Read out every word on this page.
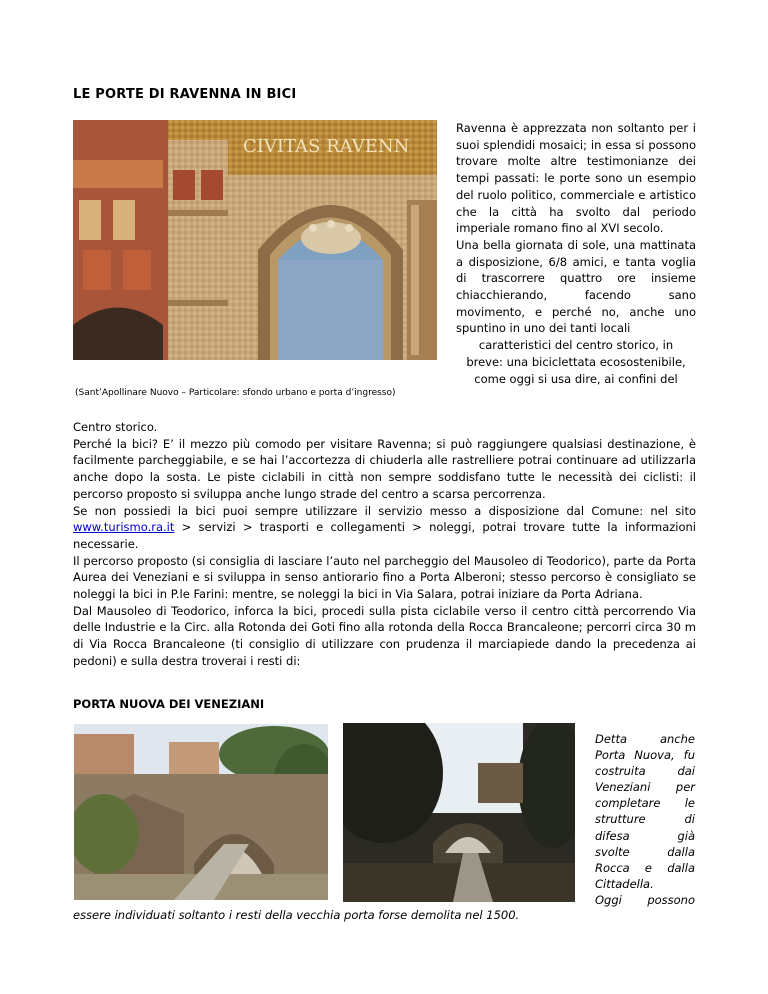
LE PORTE DI RAVENNA IN BICI
CIVITAS RAVENN
(Sant’Apollinare Nuovo – Particolare: sfondo urbano e porta d’ingresso)

Ravenna è apprezzata non soltanto per i suoi splendidi mosaici; in essa si possono trovare molte altre testimonianze dei tempi passati: le porte sono un esempio del ruolo politico, commerciale e artistico che la città ha svolto dal periodo imperiale romano fino al XVI secolo.

Una bella giornata di sole, una mattinata a disposizione, 6/8 amici, e tanta voglia di trascorrere quattro ore insieme chiacchierando, facendo sano movimento, e perché no, anche uno spuntino in uno dei tanti locali

caratteristici del centro storico, in

breve: una biciclettata ecosostenibile,

come oggi si usa dire, ai confini del

Centro storico.

Perché la bici? E’ il mezzo più comodo per visitare Ravenna; si può raggiungere qualsiasi destinazione, è facilmente parcheggiabile, e se hai l’accortezza di chiuderla alle rastrelliere potrai continuare ad utilizzarla anche dopo la sosta. Le piste ciclabili in città non sempre soddisfano tutte le necessità dei ciclisti: il percorso proposto si sviluppa anche lungo strade del centro a scarsa percorrenza.

Se non possiedi la bici puoi sempre utilizzare il servizio messo a disposizione dal Comune: nel sito www.turismo.ra.it > servizi > trasporti e collegamenti > noleggi, potrai trovare tutte la informazioni necessarie.

Il percorso proposto (si consiglia di lasciare l’auto nel parcheggio del Mausoleo di Teodorico), parte da Porta Aurea dei Veneziani e si sviluppa in senso antiorario fino a Porta Alberoni; stesso percorso è consigliato se noleggi la bici in P.le Farini: mentre, se noleggi la bici in Via Salara, potrai iniziare da Porta Adriana.

Dal Mausoleo di Teodorico, inforca la bici, procedi sulla pista ciclabile verso il centro città percorrendo Via delle Industrie e la Circ. alla Rotonda dei Goti fino alla rotonda della Rocca Brancaleone; percorri circa 30 m di Via Rocca Brancaleone (ti consiglio di utilizzare con prudenza il marciapiede dando la precedenza ai pedoni) e sulla destra troverai i resti di:

PORTA NUOVA DEI VENEZIANI

Detta anche

Porta Nuova, fu

costruita dai

Veneziani per

completare le

strutture di

difesa già

svolte dalla

Rocca e dalla

Cittadella.

Oggi possono

essere individuati soltanto i resti della vecchia porta forse demolita nel 1500.
